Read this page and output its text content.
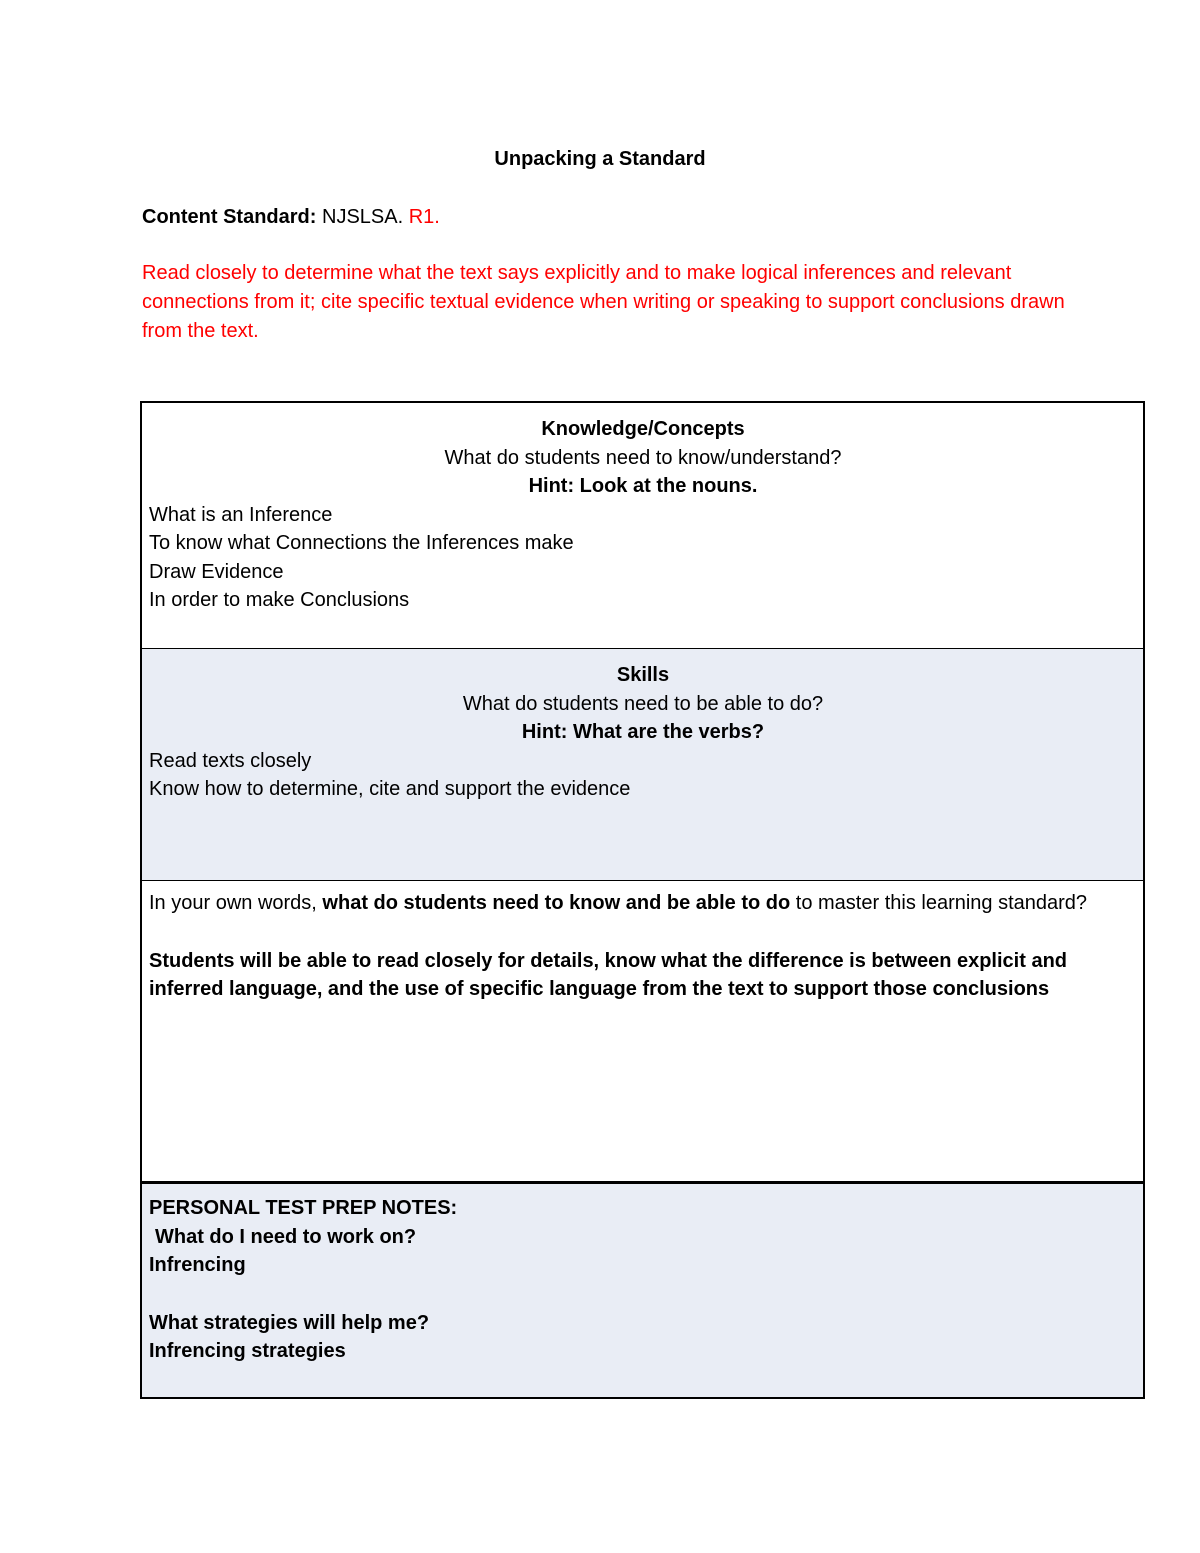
Unpacking a Standard
Content Standard: NJSLSA. R1.
Read closely to determine what the text says explicitly and to make logical inferences and relevant connections from it; cite specific textual evidence when writing or speaking to support conclusions drawn from the text.
Knowledge/Concepts
What do students need to know/understand?
Hint: Look at the nouns.
What is an Inference
To know what Connections the Inferences make
Draw Evidence
In order to make Conclusions
Skills
What do students need to be able to do?
Hint: What are the verbs?
Read texts closely
Know how to determine, cite and support the evidence
In your own words, what do students need to know and be able to do to master this learning standard?
Students will be able to read closely for details, know what the difference is between explicit and inferred language, and the use of specific language from the text to support those conclusions
PERSONAL TEST PREP NOTES:
What do I need to work on?
Infrencing
What strategies will help me?
Infrencing strategies
